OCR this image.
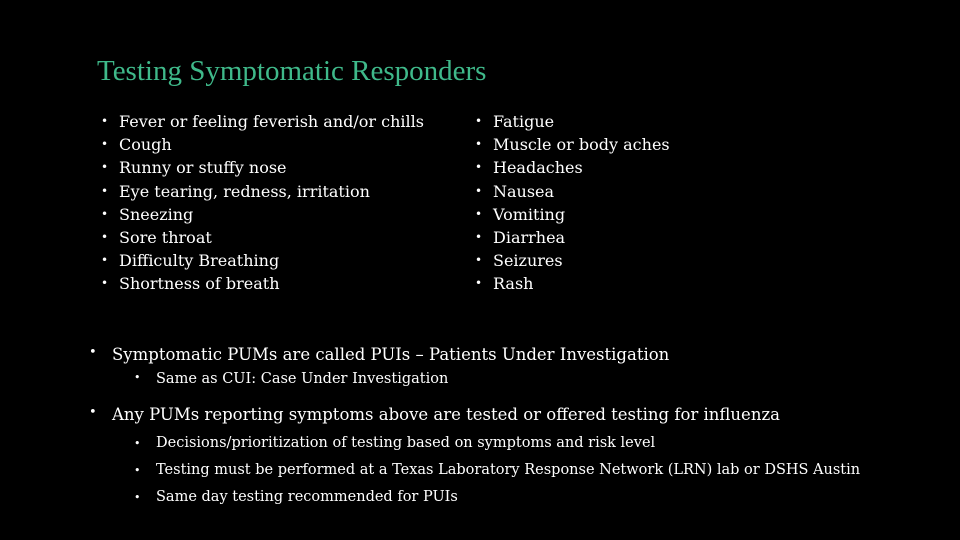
Testing Symptomatic Responders
• Fever or feeling feverish and/or chills
• Cough
• Runny or stuffy nose
• Eye tearing, redness, irritation
• Sneezing
• Sore throat
• Difficulty Breathing
• Shortness of breath
• Fatigue
• Muscle or body aches
• Headaches
• Nausea
• Vomiting
• Diarrhea
• Seizures
• Rash
• Symptomatic PUMs are called PUIs – Patients Under Investigation
• Same as CUI: Case Under Investigation
• Any PUMs reporting symptoms above are tested or offered testing for influenza
• Decisions/prioritization of testing based on symptoms and risk level
• Testing must be performed at a Texas Laboratory Response Network (LRN) lab or DSHS Austin
• Same day testing recommended for PUIs
